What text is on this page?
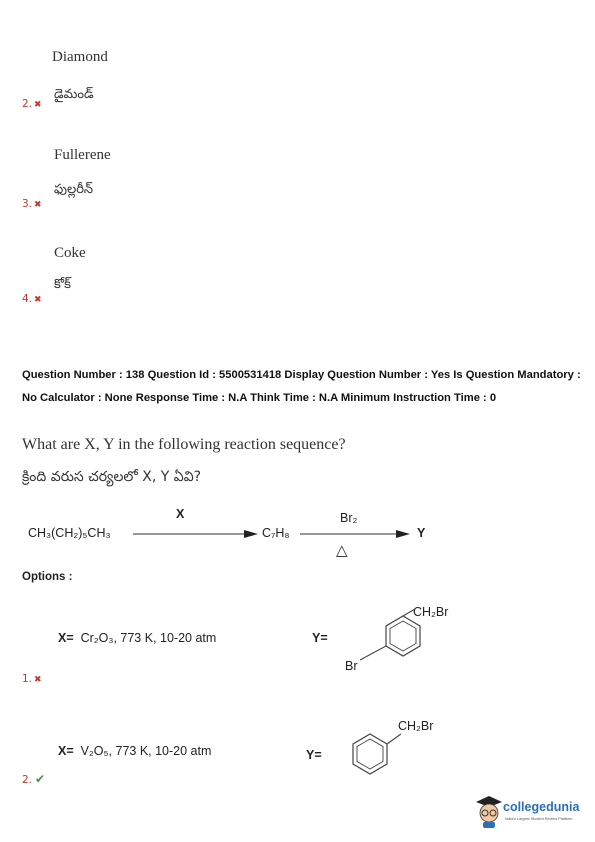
Diamond
2. ✖
డైమండ్
Fullerene
3. ✖
ఫుల్లరీన్
Coke
4. ✖
కోక్
Question Number : 138 Question Id : 5500531418 Display Question Number : Yes Is Question Mandatory : No Calculator : None Response Time : N.A Think Time : N.A Minimum Instruction Time : 0
What are X, Y in the following reaction sequence?
క్రింది వరుస చర్యలలో X, Y ఏవి?
CH₃(CH₂)₅CH₃
X
C₇H₈
Br₂
△
Y
Options :
X= Cr₂O₃, 773 K, 10-20 atm	Y=
CH₂Br
Br
1. ✖
X= V₂O₅, 773 K, 10-20 atm	Y=
CH₂Br
2. ✔
collegedunia
India's Largest Student Review Platform
